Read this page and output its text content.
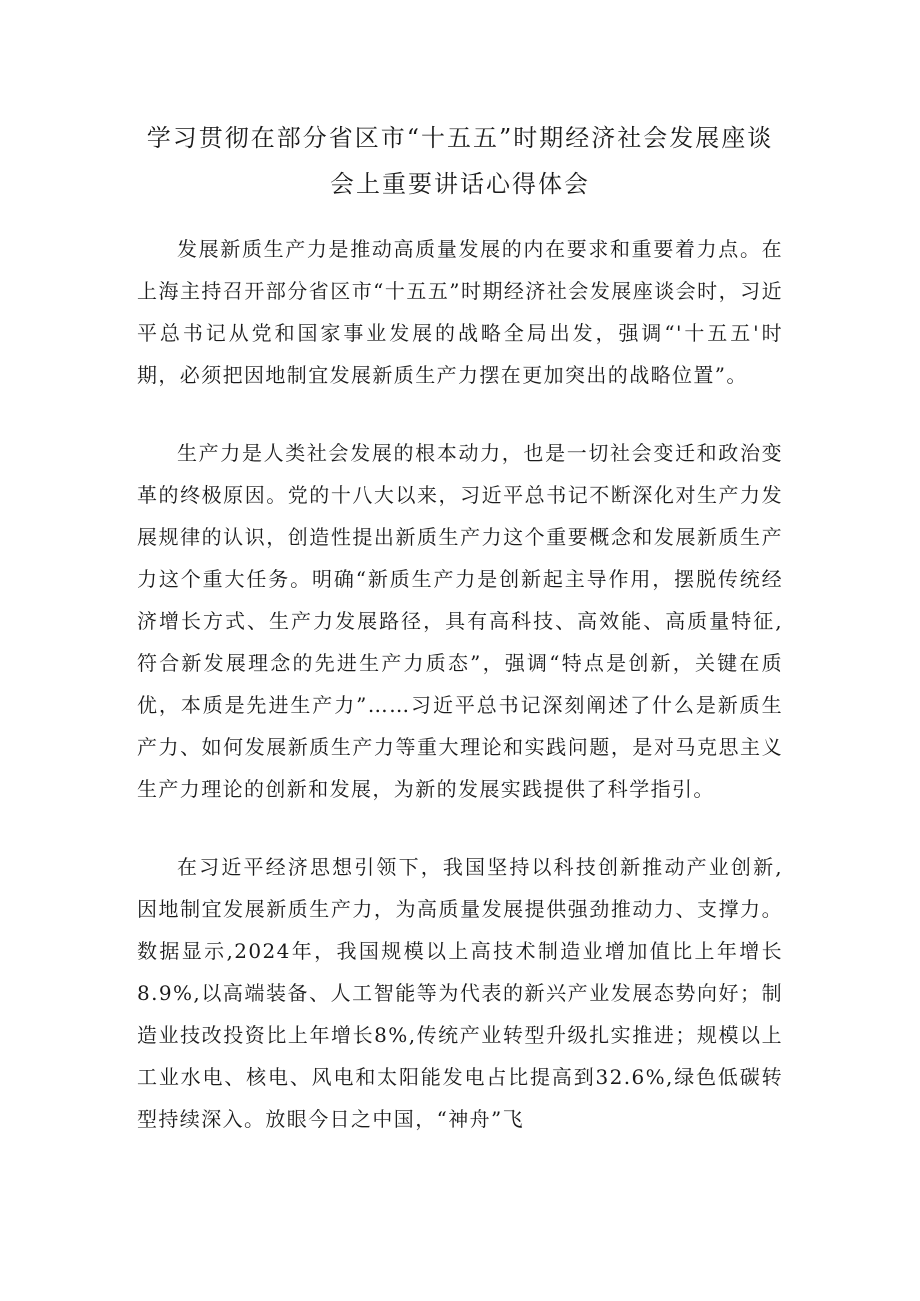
学习贯彻在部分省区市“十五五”时期经济社会发展座谈
会上重要讲话心得体会

发展新质生产力是推动高质量发展的内在要求和重要着力点。在上海主持召开部分省区市“十五五”时期经济社会发展座谈会时，习近平总书记从党和国家事业发展的战略全局出发，强调“'十五五'时期，必须把因地制宜发展新质生产力摆在更加突出的战略位置”。

生产力是人类社会发展的根本动力，也是一切社会变迁和政治变革的终极原因。党的十八大以来，习近平总书记不断深化对生产力发展规律的认识，创造性提出新质生产力这个重要概念和发展新质生产力这个重大任务。明确“新质生产力是创新起主导作用，摆脱传统经济增长方式、生产力发展路径，具有高科技、高效能、高质量特征,符合新发展理念的先进生产力质态”，强调“特点是创新，关键在质优，本质是先进生产力”……习近平总书记深刻阐述了什么是新质生产力、如何发展新质生产力等重大理论和实践问题，是对马克思主义生产力理论的创新和发展，为新的发展实践提供了科学指引。

在习近平经济思想引领下，我国坚持以科技创新推动产业创新,因地制宜发展新质生产力，为高质量发展提供强劲推动力、支撑力。数据显示,2024年，我国规模以上高技术制造业增加值比上年增长8.9%,以高端装备、人工智能等为代表的新兴产业发展态势向好；制造业技改投资比上年增长8%,传统产业转型升级扎实推进；规模以上工业水电、核电、风电和太阳能发电占比提高到32.6%,绿色低碳转型持续深入。放眼今日之中国，“神舟”飞
